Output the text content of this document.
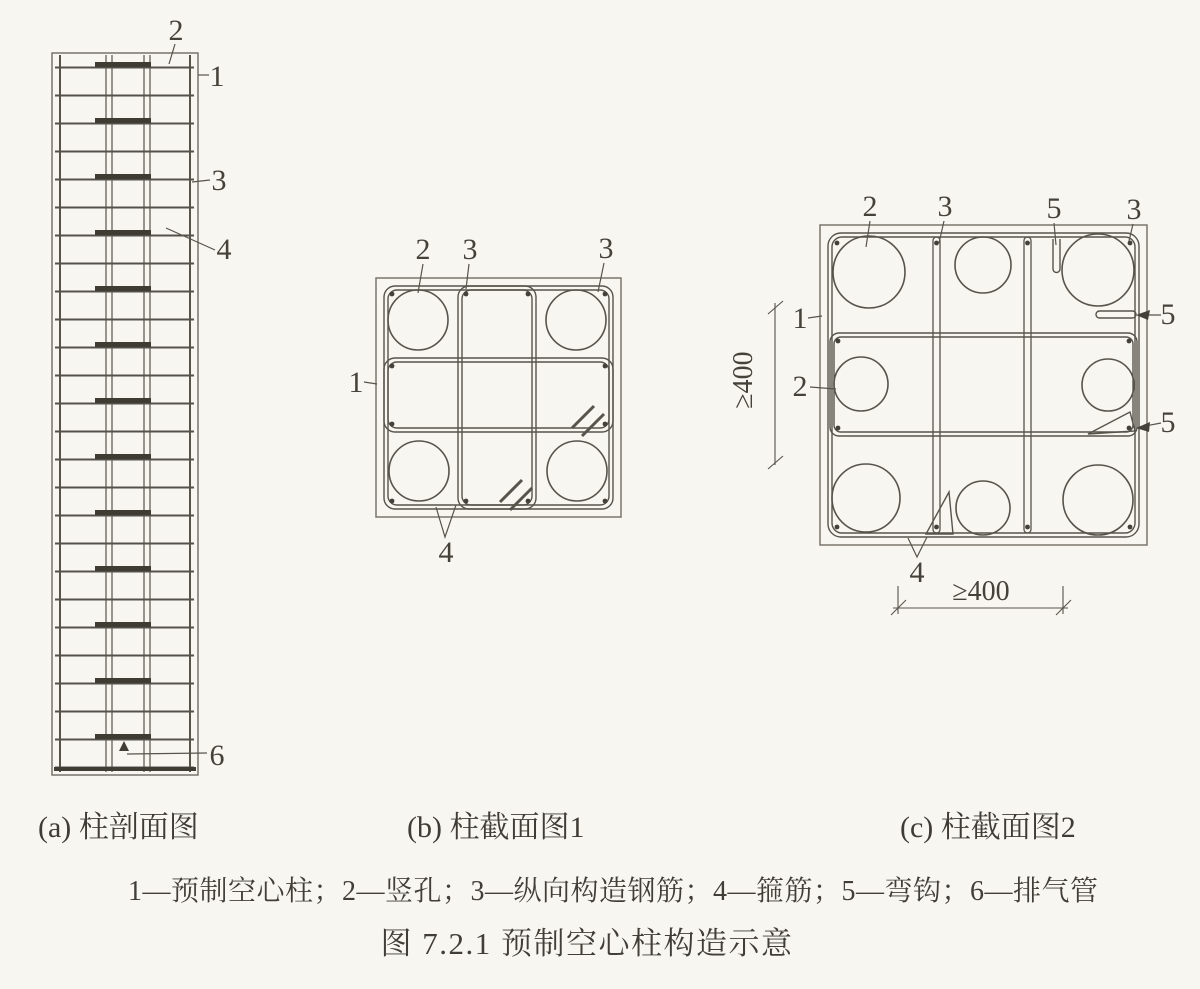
2
1
3
4
6
2 3	3
1
4
2 3	5 3
1
2
5
5
4
≥400
≥400
(a) 柱剖面图	(b) 柱截面图1	(c) 柱截面图2
1—预制空心柱；2—竖孔；3—纵向构造钢筋；4—箍筋；5—弯钩；6—排气管
图 7.2.1 预制空心柱构造示意
